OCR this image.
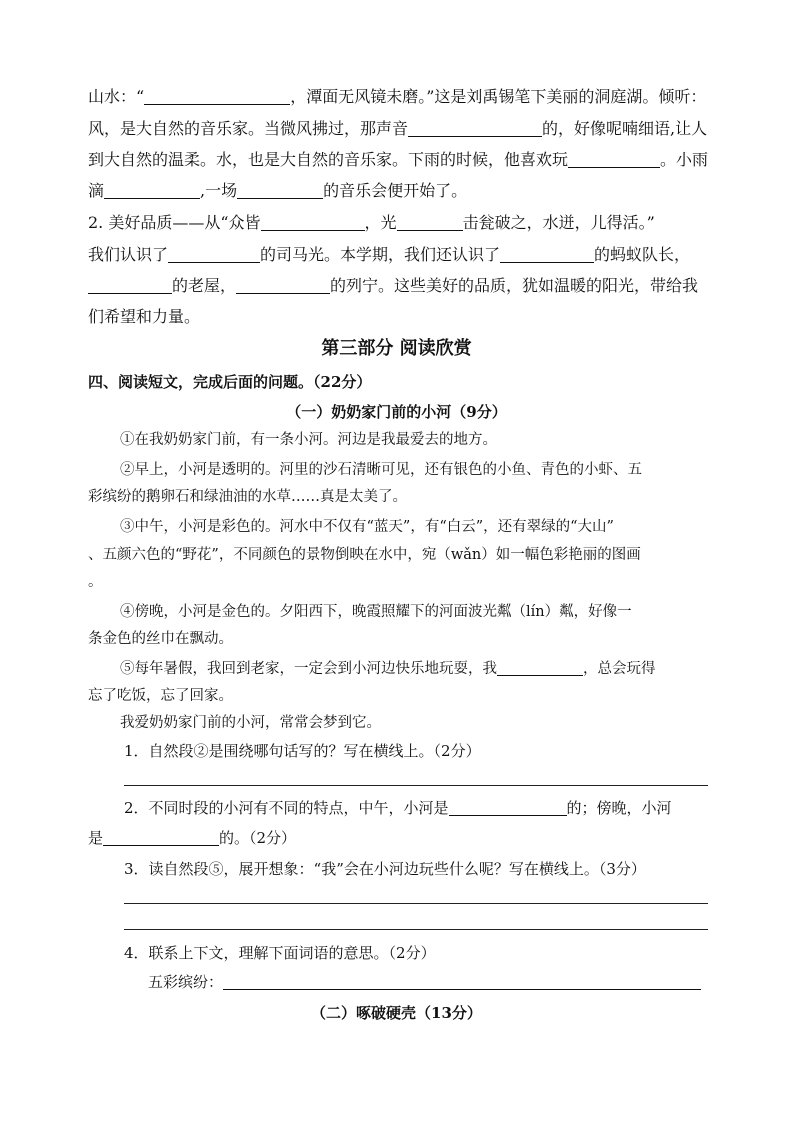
山水：“	，潭面无风镜未磨。”这是刘禹锡笔下美丽的洞庭湖。倾听：
风，是大自然的音乐家。当微风拂过，那声音	的，好像呢喃细语,让人
到大自然的温柔。水，也是大自然的音乐家。下雨的时候，他喜欢玩	。小雨
滴	,一场	的音乐会便开始了。
2. 美好品质——从“众皆	，光	击瓮破之，水迸，儿得活。”
我们认识了	的司马光。本学期，我们还认识了	的蚂蚁队长，
的老屋，	的列宁。这些美好的品质，犹如温暖的阳光，带给我
们希望和力量。
第三部分 阅读欣赏
四、阅读短文，完成后面的问题。（22分）
（一）奶奶家门前的小河（9分）
①在我奶奶家门前，有一条小河。河边是我最爱去的地方。
②早上，小河是透明的。河里的沙石清晰可见，还有银色的小鱼、青色的小虾、五
彩缤纷的鹅卵石和绿油油的水草……真是太美了。
③中午，小河是彩色的。河水中不仅有“蓝天”，有“白云”，还有翠绿的“大山”
、五颜六色的“野花”，不同颜色的景物倒映在水中，宛（wǎn）如一幅色彩艳丽的图画
。
④傍晚，小河是金色的。夕阳西下，晚霞照耀下的河面波光粼（lín）粼，好像一
条金色的丝巾在飘动。
⑤每年暑假，我回到老家，一定会到小河边快乐地玩耍，我	，总会玩得
忘了吃饭，忘了回家。
我爱奶奶家门前的小河，常常会梦到它。
1．自然段②是围绕哪句话写的？写在横线上。（2分）
2．不同时段的小河有不同的特点，中午，小河是	的；傍晚，小河
是	的。（2分）
3．读自然段⑤，展开想象：“我”会在小河边玩些什么呢？写在横线上。（3分）
4．联系上下文，理解下面词语的意思。（2分）
五彩缤纷：
（二）啄破硬壳（13分）
